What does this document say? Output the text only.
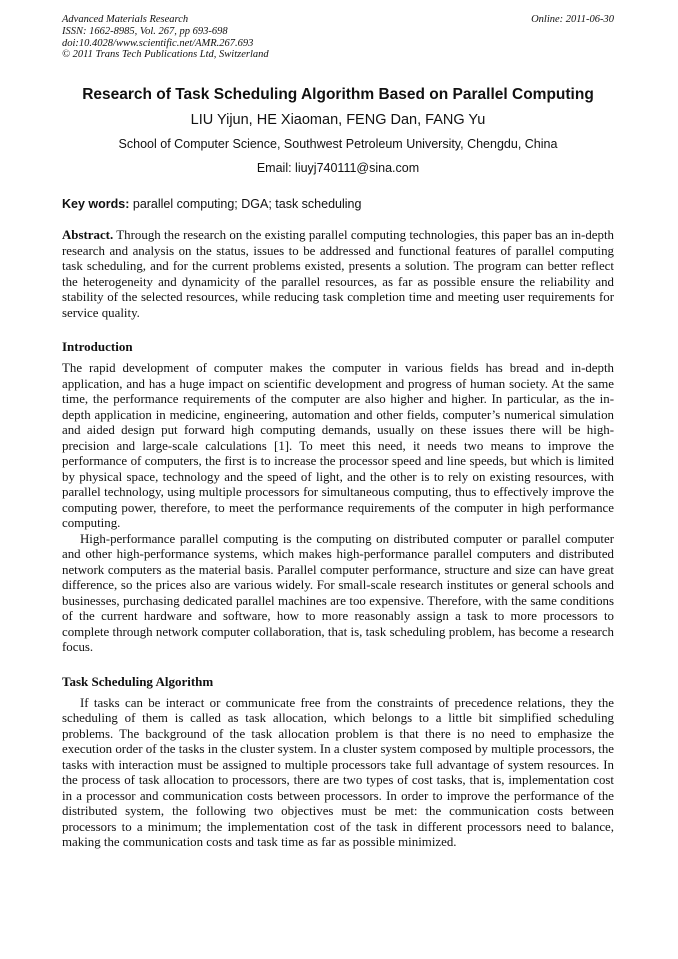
Advanced Materials Research
ISSN: 1662-8985, Vol. 267, pp 693-698
doi:10.4028/www.scientific.net/AMR.267.693
© 2011 Trans Tech Publications Ltd, Switzerland
Online: 2011-06-30
Research of Task Scheduling Algorithm Based on Parallel Computing
LIU Yijun, HE Xiaoman, FENG Dan, FANG Yu
School of Computer Science, Southwest Petroleum University, Chengdu, China
Email: liuyj740111@sina.com
Key words: parallel computing; DGA; task scheduling
Abstract. Through the research on the existing parallel computing technologies, this paper bas an in-depth research and analysis on the status, issues to be addressed and functional features of parallel computing task scheduling, and for the current problems existed, presents a solution. The program can better reflect the heterogeneity and dynamicity of the parallel resources, as far as possible ensure the reliability and stability of the selected resources, while reducing task completion time and meeting user requirements for service quality.
Introduction

The rapid development of computer makes the computer in various fields has bread and in-depth application, and has a huge impact on scientific development and progress of human society. At the same time, the performance requirements of the computer are also higher and higher. In particular, as the in-depth application in medicine, engineering, automation and other fields, computer’s numerical simulation and aided design put forward high computing demands, usually on these issues there will be high-precision and large-scale calculations [1]. To meet this need, it needs two means to improve the performance of computers, the first is to increase the processor speed and line speeds, but which is limited by physical space, technology and the speed of light, and the other is to rely on existing resources, with parallel technology, using multiple processors for simultaneous computing, thus to effectively improve the computing power, therefore, to meet the performance requirements of the computer in high performance computing.

High-performance parallel computing is the computing on distributed computer or parallel computer and other high-performance systems, which makes high-performance parallel computers and distributed network computers as the material basis. Parallel computer performance, structure and size can have great difference, so the prices also are various widely. For small-scale research institutes or general schools and businesses, purchasing dedicated parallel machines are too expensive. Therefore, with the same conditions of the current hardware and software, how to more reasonably assign a task to more processors to complete through network computer collaboration, that is, task scheduling problem, has become a research focus.

Task Scheduling Algorithm

If tasks can be interact or communicate free from the constraints of precedence relations, they the scheduling of them is called as task allocation, which belongs to a little bit simplified scheduling problems. The background of the task allocation problem is that there is no need to emphasize the execution order of the tasks in the cluster system. In a cluster system composed by multiple processors, the tasks with interaction must be assigned to multiple processors take full advantage of system resources. In the process of task allocation to processors, there are two types of cost tasks, that is, implementation cost in a processor and communication costs between processors. In order to improve the performance of the distributed system, the following two objectives must be met: the communication costs between processors to a minimum; the implementation cost of the task in different processors need to balance, making the communication costs and task time as far as possible minimized.
